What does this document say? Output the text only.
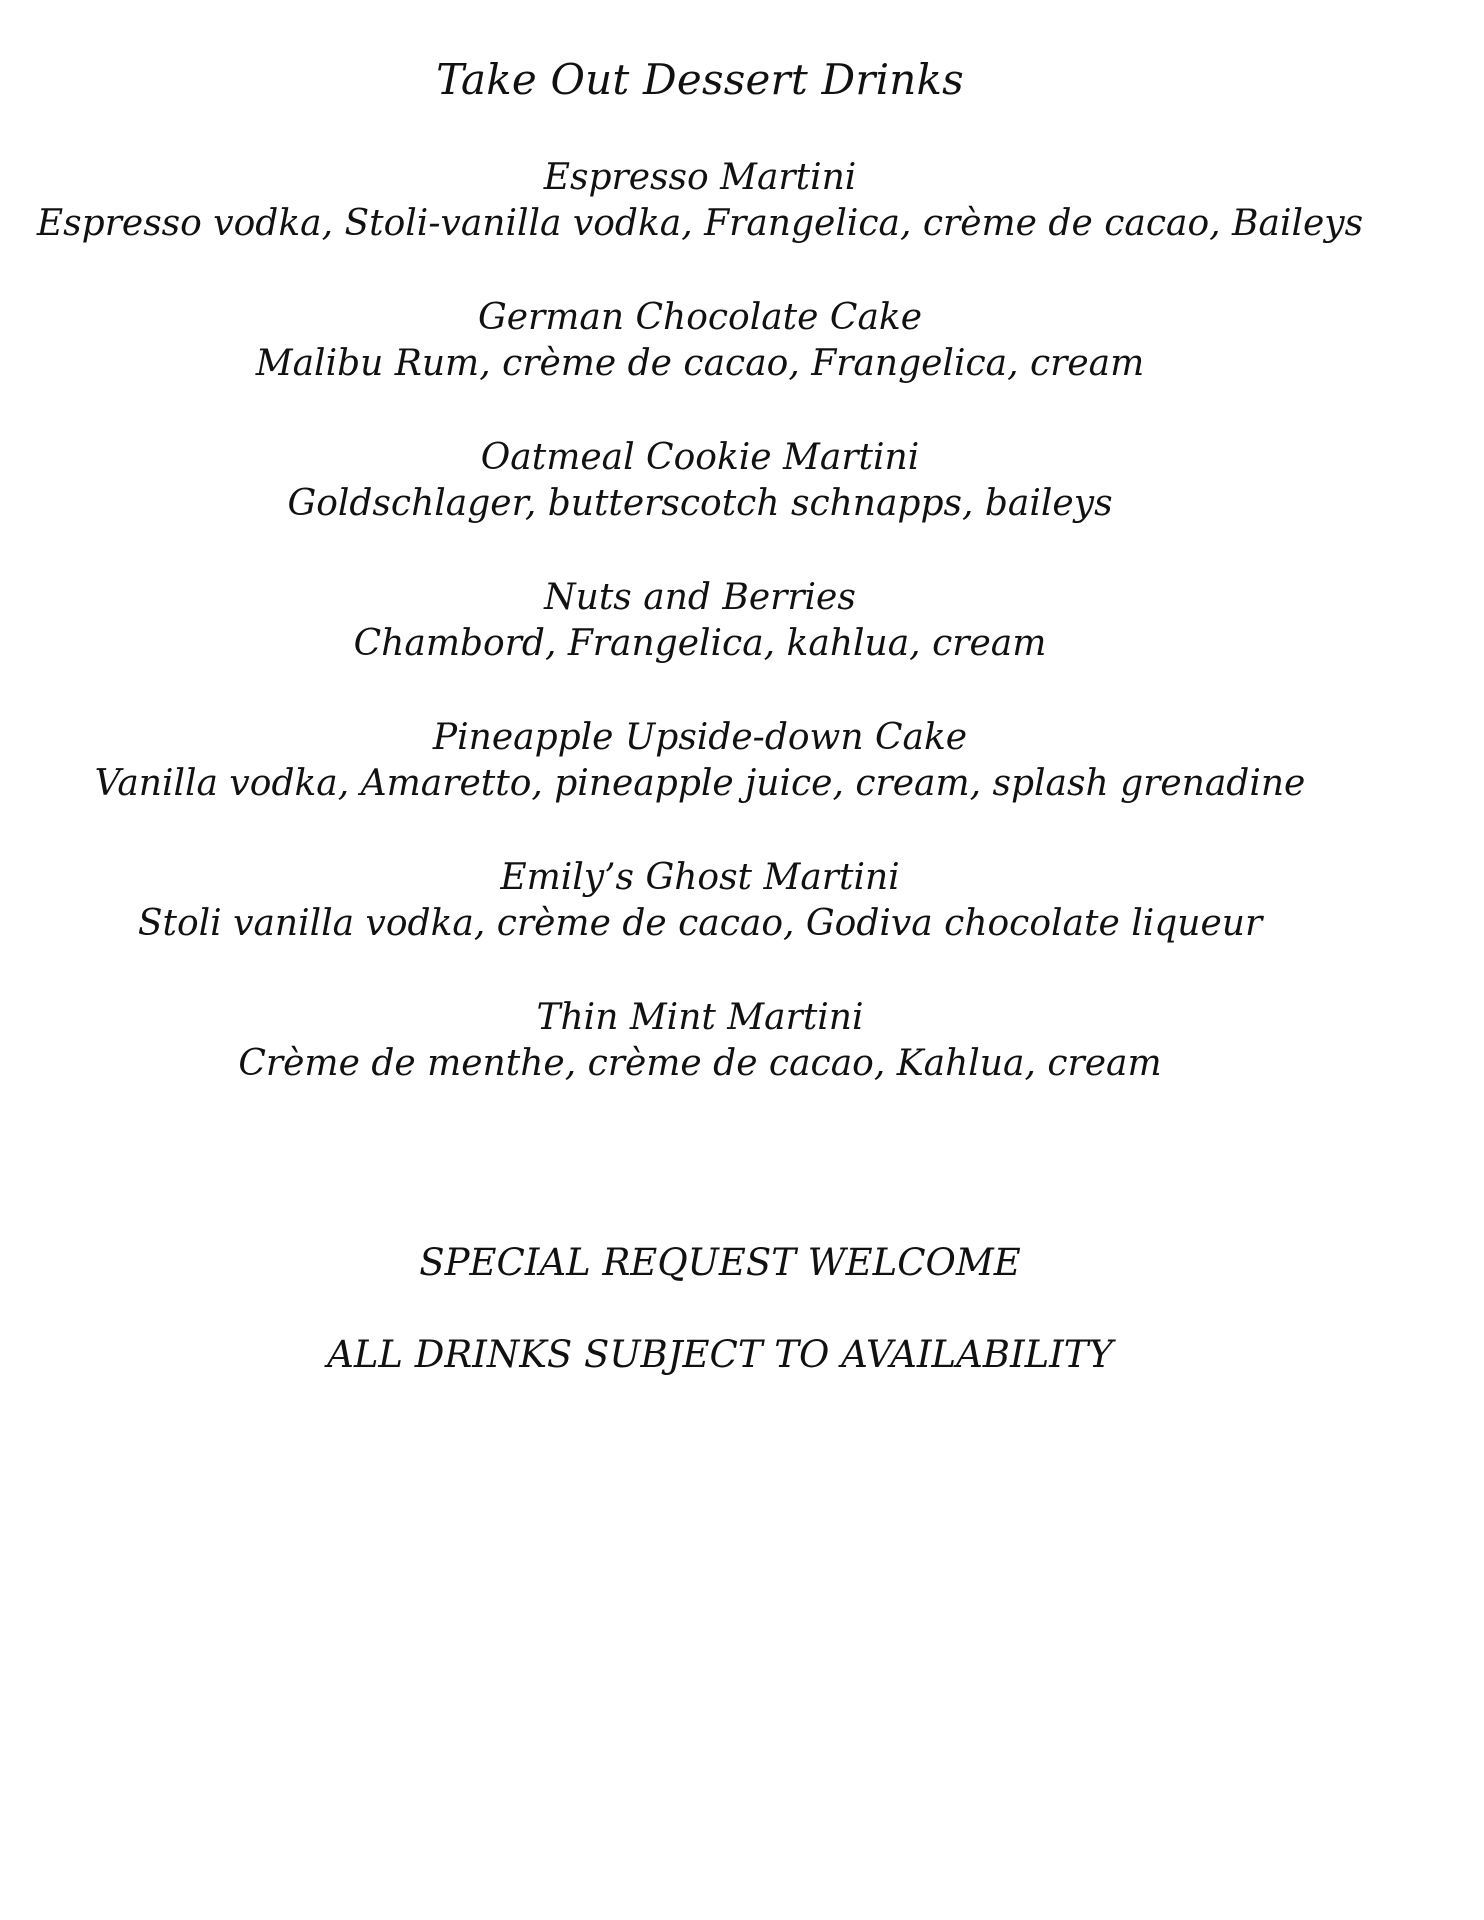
Take Out Dessert Drinks
Espresso Martini
Espresso vodka, Stoli-vanilla vodka, Frangelica, crème de cacao, Baileys
German Chocolate Cake
Malibu Rum, crème de cacao, Frangelica, cream
Oatmeal Cookie Martini
Goldschlager, butterscotch schnapps, baileys
Nuts and Berries
Chambord, Frangelica, kahlua, cream
Pineapple Upside-down Cake
Vanilla vodka, Amaretto, pineapple juice, cream, splash grenadine
Emily’s Ghost Martini
Stoli vanilla vodka, crème de cacao, Godiva chocolate liqueur
Thin Mint Martini
Crème de menthe, crème de cacao, Kahlua, cream
SPECIAL REQUEST WELCOME
ALL DRINKS SUBJECT TO AVAILABILITY
